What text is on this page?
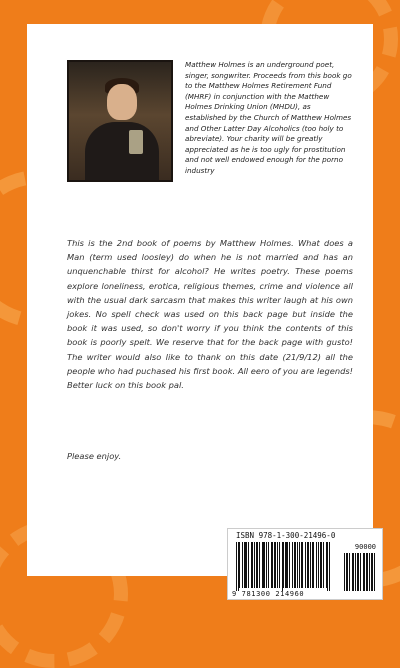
Matthew Holmes is an underground poet, singer, songwriter. Proceeds from this book go to the Matthew Holmes Retirement Fund (MHRF) in conjunction with the Matthew Holmes Drinking Union (MHDU), as established by the Church of Matthew Holmes and Other Latter Day Alcoholics (too holy to abreviate). Your charity will be greatly appreciated as he is too ugly for prostitution and not well endowed enough for the porno industry

This is the 2nd book of poems by Matthew Holmes. What does a Man (term used loosley) do when he is not married and has an unquenchable thirst for alcohol? He writes poetry. These poems explore loneliness, erotica, religious themes, crime and violence all with the usual dark sarcasm that makes this writer laugh at his own jokes. No spell check was used on this back page but inside the book it was used, so don't worry if you think the contents of this book is poorly spelt. We reserve that for the back page with gusto! The writer would also like to thank on this date (21/9/12) all the people who had puchased his first book. All eero of you are legends! Better luck on this book pal.

Please enjoy.

ISBN 978-1-300-21496-0
90000
9 781300 214960
